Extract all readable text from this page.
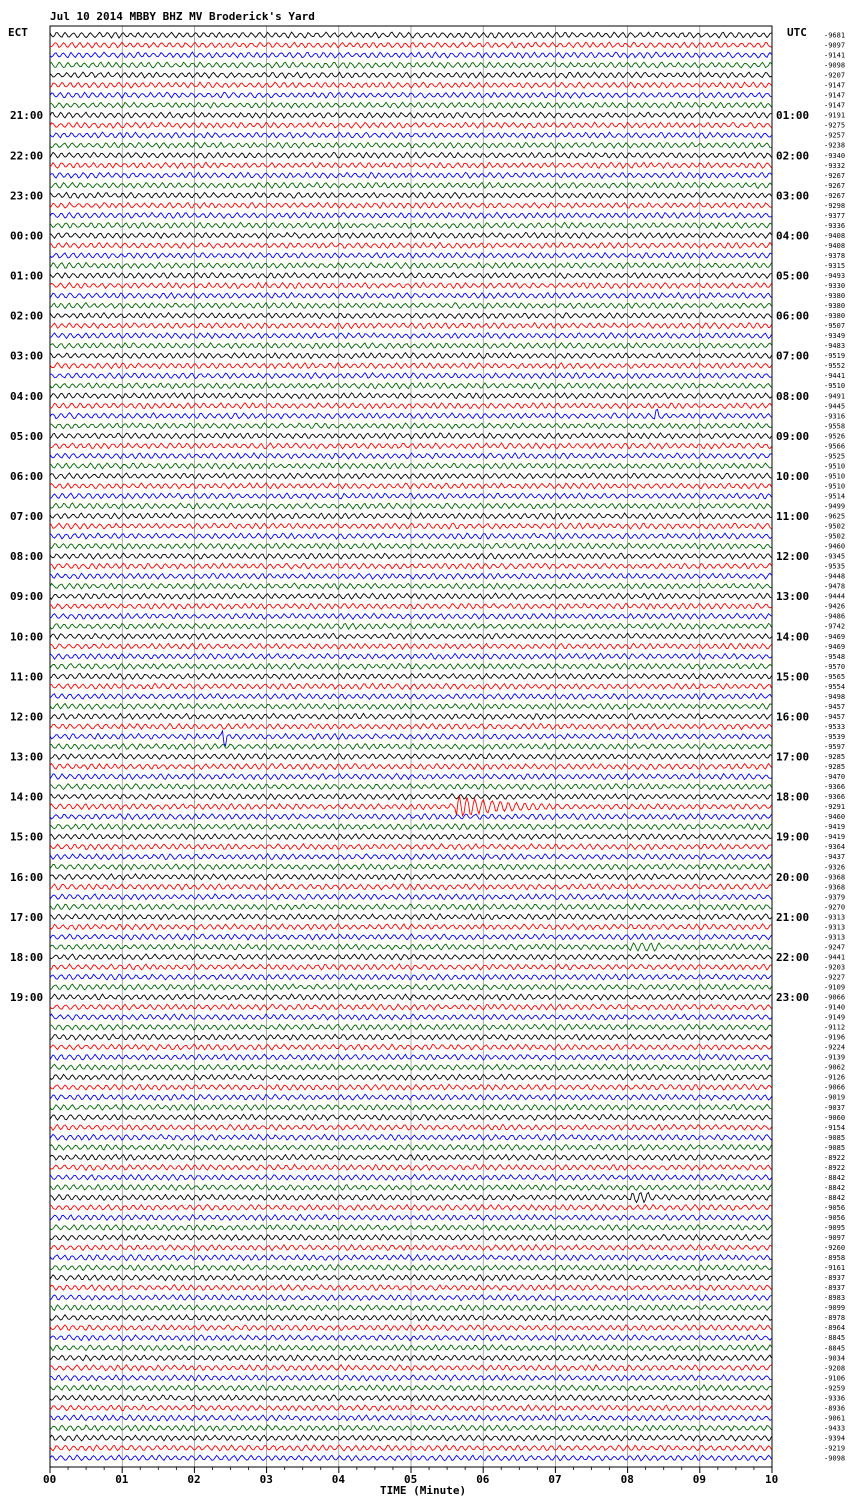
Jul 10 2014 MBBY BHZ MV Broderick's Yard
ECT	UTC
TIME (Minute)
-9681
-9097
-9141
-9098
-9207
-9147
-9147
-9147
-9191
-9275
-9257
-9238
-9340
-9332
-9267
-9267
-9267
-9298
-9377
-9336
-9408
-9408
-9378
-9315
-9493
-9330
-9380
-9380
-9380
-9507
-9349
-9483
-9519
-9552
-9441
-9510
-9491
-9445
-9316
-9558
-9526
-9566
-9525
-9510
-9510
-9510
-9514
-9499
-9625
-9502
-9502
-9460
-9345
-9535
-9448
-9478
-9444
-9426
-9486
-9742
-9469
-9469
-9548
-9570
-9565
-9554
-9498
-9457
-9457
-9533
-9539
-9597
-9285
-9285
-9470
-9366
-9366
-9291
-9460
-9419
-9419
-9364
-9437
-9326
-9368
-9368
-9379
-9270
-9313
-9313
-9313
-9247
-9441
-9203
-9227
-9109
-9066
-9140
-9149
-9112
-9196
-9224
-9139
-9062
-9126
-9066
-9019
-9037
-9060
-9154
-9085
-9085
-8922
-8922
-8842
-8842
-8842
-9056
-9056
-9095
-9097
-9260
-8958
-9161
-8937
-8937
-8983
-9099
-8978
-8964
-8845
-8845
-9034
-9208
-9106
-9259
-9336
-8936
-9061
-9433
-9394
-9219
-9098
21:00	01:00
22:00	02:00
23:00	03:00
00:00	04:00
01:00	05:00
02:00	06:00
03:00	07:00
04:00	08:00
05:00	09:00
06:00	10:00
07:00	11:00
08:00	12:00
09:00	13:00
10:00	14:00
11:00	15:00
12:00	16:00
13:00	17:00
14:00	18:00
15:00	19:00
16:00	20:00
17:00	21:00
18:00	22:00
19:00	23:00
00	01	02	03	04	05	06	07	08	09	10
